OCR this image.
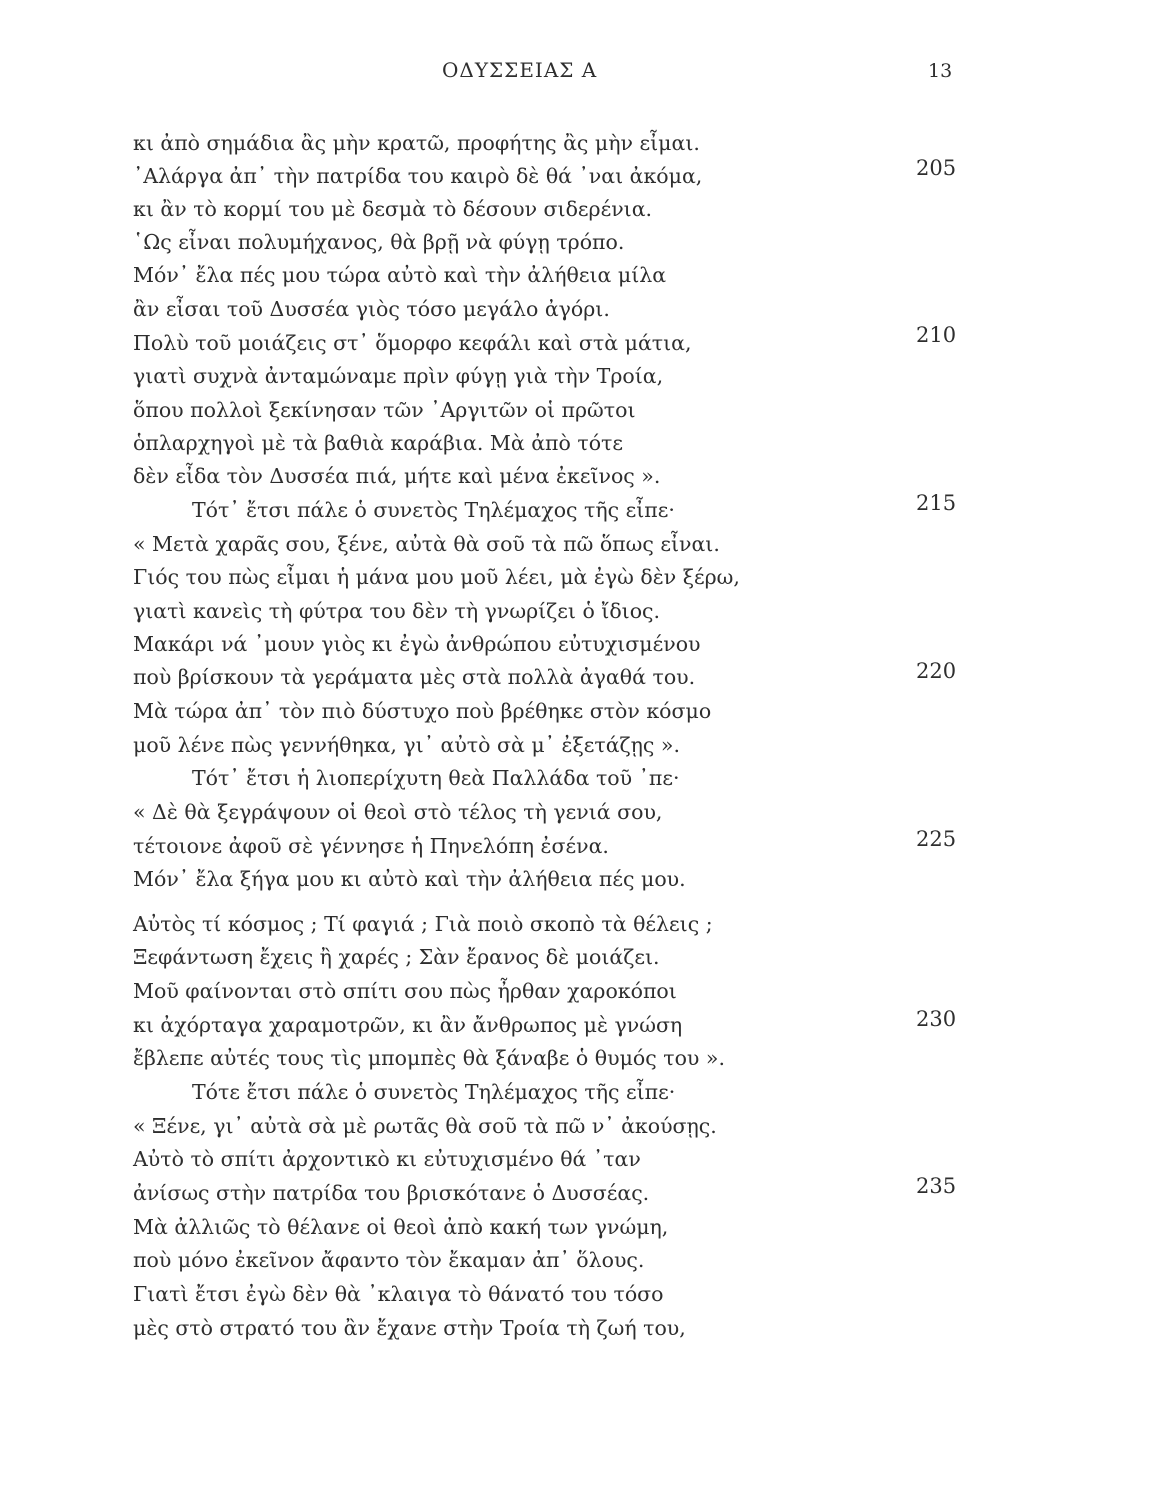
ΟΔΥΣΣΕΙΑΣ Α	13
κι ἀπὸ σημάδια ἂς μὴν κρατῶ, προφήτης ἂς μὴν εἶμαι.
᾿Αλάργα ἀπ᾿ τὴν πατρίδα του καιρὸ δὲ θά ᾿ναι ἀκόμα,
κι ἂν τὸ κορμί του μὲ δεσμὰ τὸ δέσουν σιδερένια.
῾Ως εἶναι πολυμήχανος, θὰ βρῇ νὰ φύγῃ τρόπο.
Μόν᾿ ἔλα πές μου τώρα αὐτὸ καὶ τὴν ἀλήθεια μίλα
ἂν εἶσαι τοῦ Δυσσέα γιὸς τόσο μεγάλο ἀγόρι.
Πολὺ τοῦ μοιάζεις στ᾿ ὅμορφο κεφάλι καὶ στὰ μάτια,
γιατὶ συχνὰ ἀνταμώναμε πρὶν φύγῃ γιὰ τὴν Τροία,
ὅπου πολλοὶ ξεκίνησαν τῶν ᾿Αργιτῶν οἱ πρῶτοι
ὁπλαρχηγοὶ μὲ τὰ βαθιὰ καράβια. Μὰ ἀπὸ τότε
δὲν εἶδα τὸν Δυσσέα πιά, μήτε καὶ μένα ἐκεῖνος ».
Τότ᾿ ἔτσι πάλε ὁ συνετὸς Τηλέμαχος τῆς εἶπε·
« Μετὰ χαρᾶς σου, ξένε, αὐτὰ θὰ σοῦ τὰ πῶ ὅπως εἶναι.
Γιός του πὼς εἶμαι ἡ μάνα μου μοῦ λέει, μὰ ἐγὼ δὲν ξέρω,
γιατὶ κανεὶς τὴ φύτρα του δὲν τὴ γνωρίζει ὁ ἴδιος.
Μακάρι νά ᾿μουν γιὸς κι ἐγὼ ἀνθρώπου εὐτυχισμένου
ποὺ βρίσκουν τὰ γεράματα μὲς στὰ πολλὰ ἀγαθά του.
Μὰ τώρα ἀπ᾿ τὸν πιὸ δύστυχο ποὺ βρέθηκε στὸν κόσμο
μοῦ λένε πὼς γεννήθηκα, γι᾿ αὐτὸ σὰ μ᾿ ἐξετάζῃς ».
Τότ᾿ ἔτσι ἡ λιοπερίχυτη θεὰ Παλλάδα τοῦ ᾿πε·
« Δὲ θὰ ξεγράψουν οἱ θεοὶ στὸ τέλος τὴ γενιά σου,
τέτοιονε ἀφοῦ σὲ γέννησε ἡ Πηνελόπη ἐσένα.
Μόν᾿ ἔλα ξήγα μου κι αὐτὸ καὶ τὴν ἀλήθεια πές μου.
Αὐτὸς τί κόσμος ; Τί φαγιά ; Γιὰ ποιὸ σκοπὸ τὰ θέλεις ;
Ξεφάντωση ἔχεις ἢ χαρές ; Σὰν ἔρανος δὲ μοιάζει.
Μοῦ φαίνονται στὸ σπίτι σου πὼς ἦρθαν χαροκόποι
κι ἀχόρταγα χαραμοτρῶν, κι ἂν ἄνθρωπος μὲ γνώση
ἔβλεπε αὐτές τους τὶς μπομπὲς θὰ ξάναβε ὁ θυμός του ».
Τότε ἔτσι πάλε ὁ συνετὸς Τηλέμαχος τῆς εἶπε·
« Ξένε, γι᾿ αὐτὰ σὰ μὲ ρωτᾶς θὰ σοῦ τὰ πῶ ν᾿ ἀκούσῃς.
Αὐτὸ τὸ σπίτι ἀρχοντικὸ κι εὐτυχισμένο θά ᾿ταν
ἀνίσως στὴν πατρίδα του βρισκότανε ὁ Δυσσέας.
Μὰ ἀλλιῶς τὸ θέλανε οἱ θεοὶ ἀπὸ κακή των γνώμη,
ποὺ μόνο ἐκεῖνον ἄφαντο τὸν ἔκαμαν ἀπ᾿ ὅλους.
Γιατὶ ἔτσι ἐγὼ δὲν θὰ ᾿κλαιγα τὸ θάνατό του τόσο
μὲς στὸ στρατό του ἂν ἔχανε στὴν Τροία τὴ ζωή του,
205
210
215
220
225
230
235
